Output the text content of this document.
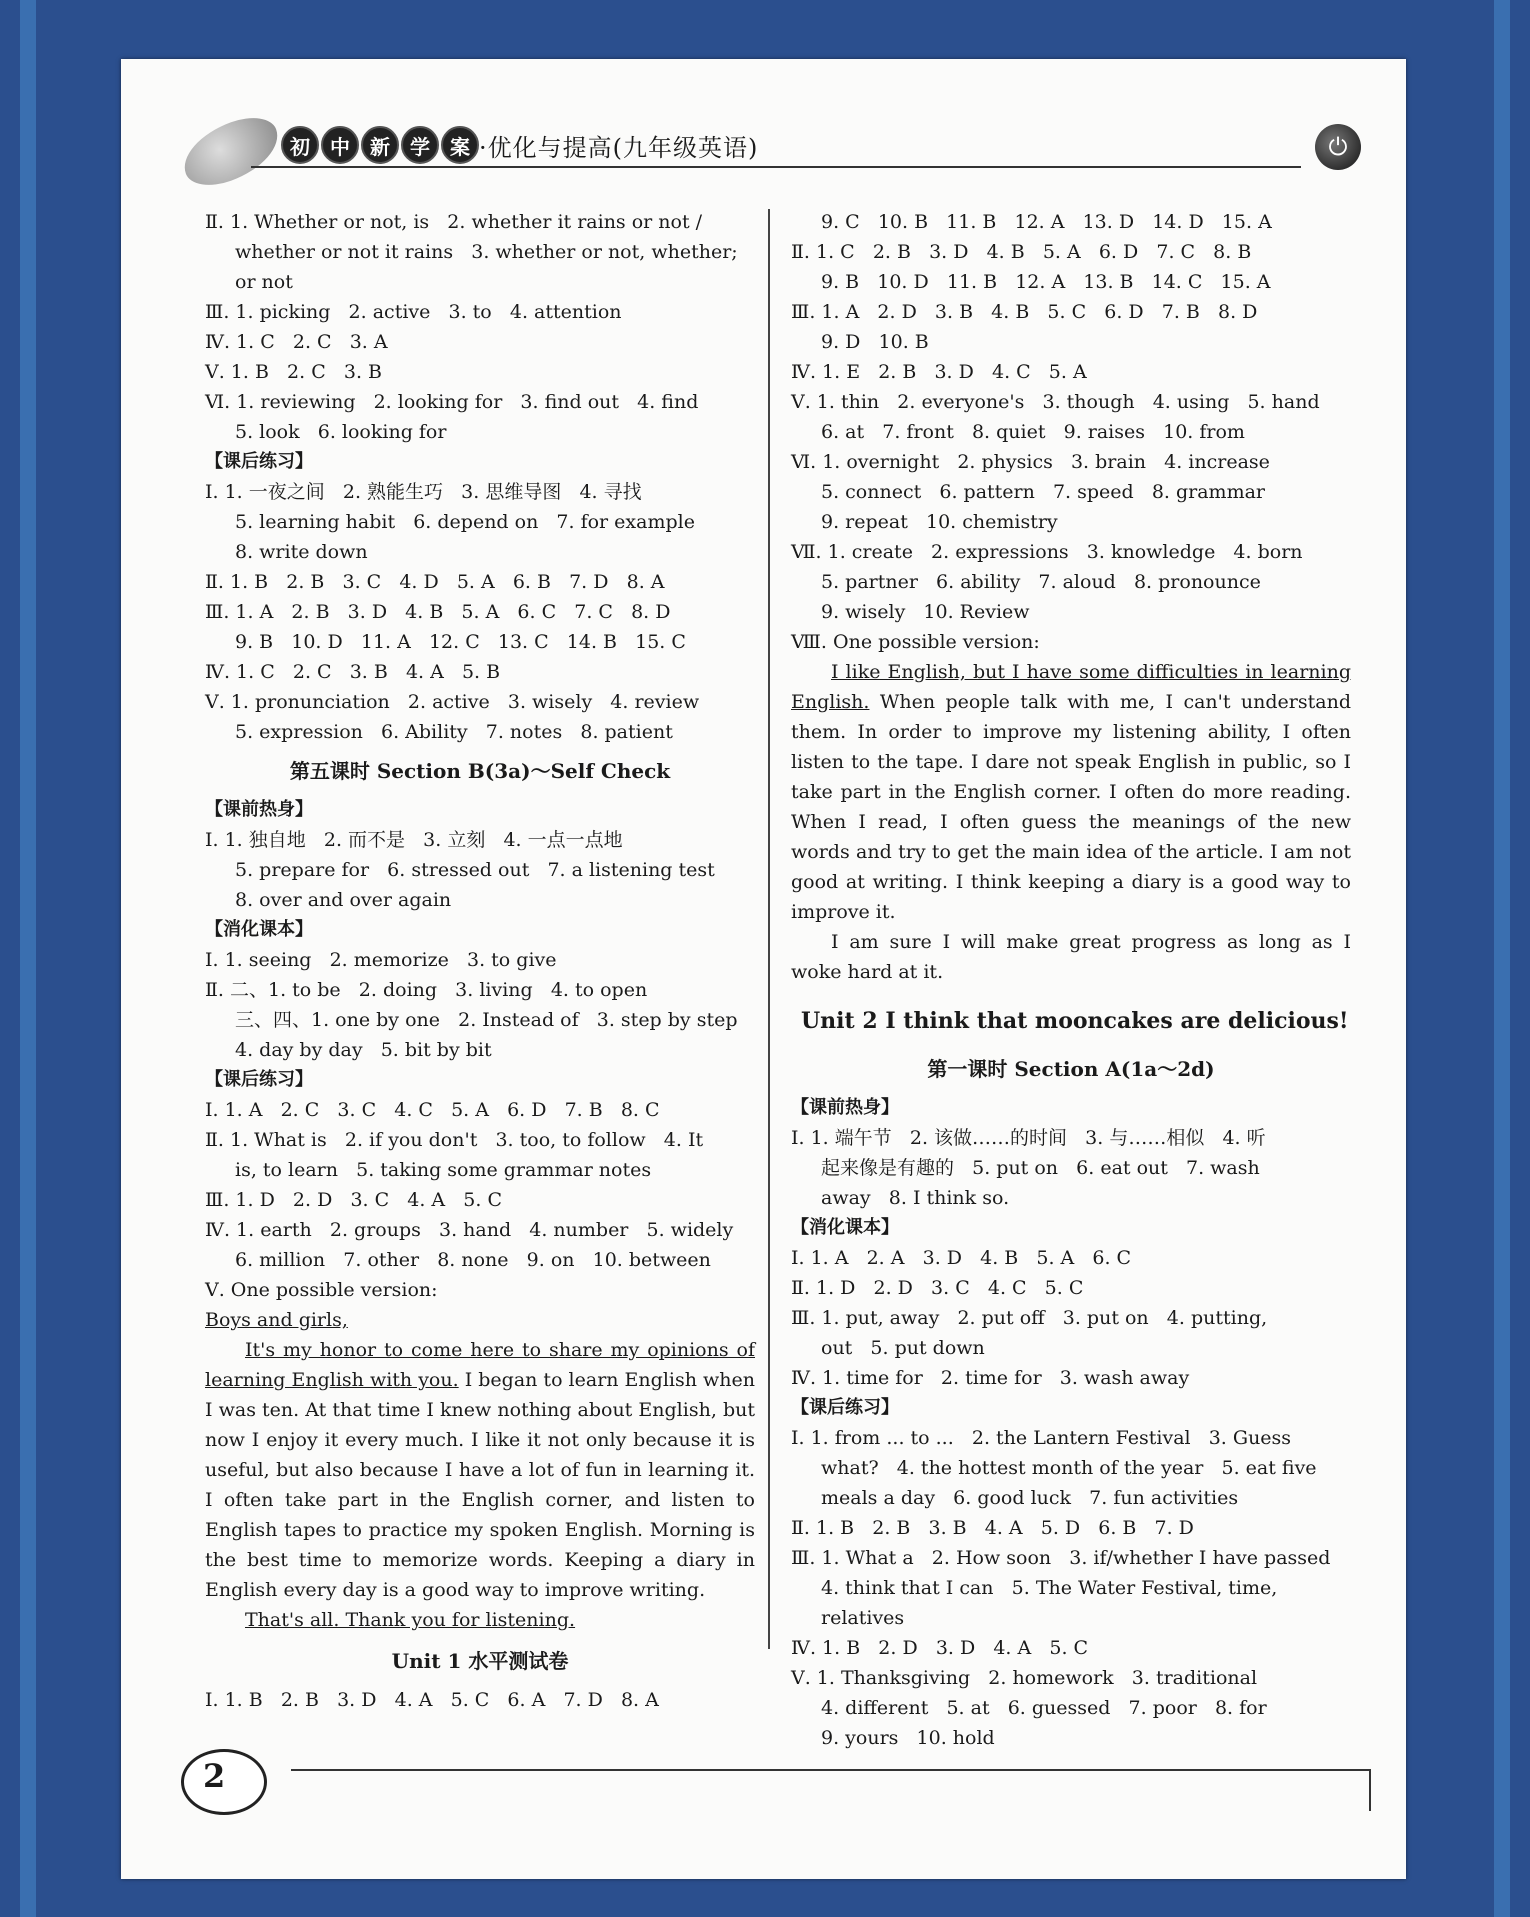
初	中	新	学	案 ·优化与提高(九年级英语)	⏻
Ⅱ. 1. Whether or not, is   2. whether it rains or not /
whether or not it rains   3. whether or not, whether;
or not
Ⅲ. 1. picking   2. active   3. to   4. attention
Ⅳ. 1. C   2. C   3. A
Ⅴ. 1. B   2. C   3. B
Ⅵ. 1. reviewing   2. looking for   3. find out   4. find
5. look   6. looking for
【课后练习】
Ⅰ. 1. 一夜之间   2. 熟能生巧   3. 思维导图   4. 寻找
5. learning habit   6. depend on   7. for example
8. write down
Ⅱ. 1. B   2. B   3. C   4. D   5. A   6. B   7. D   8. A
Ⅲ. 1. A   2. B   3. D   4. B   5. A   6. C   7. C   8. D
9. B   10. D   11. A   12. C   13. C   14. B   15. C
Ⅳ. 1. C   2. C   3. B   4. A   5. B
Ⅴ. 1. pronunciation   2. active   3. wisely   4. review
5. expression   6. Ability   7. notes   8. patient
第五课时 Section B(3a)～Self Check
【课前热身】
Ⅰ. 1. 独自地   2. 而不是   3. 立刻   4. 一点一点地
5. prepare for   6. stressed out   7. a listening test
8. over and over again
【消化课本】
Ⅰ. 1. seeing   2. memorize   3. to give
Ⅱ. 二、1. to be   2. doing   3. living   4. to open
三、四、1. one by one   2. Instead of   3. step by step
4. day by day   5. bit by bit
【课后练习】
Ⅰ. 1. A   2. C   3. C   4. C   5. A   6. D   7. B   8. C
Ⅱ. 1. What is   2. if you don't   3. too, to follow   4. It
is, to learn   5. taking some grammar notes
Ⅲ. 1. D   2. D   3. C   4. A   5. C
Ⅳ. 1. earth   2. groups   3. hand   4. number   5. widely
6. million   7. other   8. none   9. on   10. between
Ⅴ. One possible version:
Boys and girls,
It's my honor to come here to share my opinions of learning English with you. I began to learn English when I was ten. At that time I knew nothing about English, but now I enjoy it every much. I like it not only because it is useful, but also because I have a lot of fun in learning it. I often take part in the English corner, and listen to English tapes to practice my spoken English. Morning is the best time to memorize words. Keeping a diary in English every day is a good way to improve writing.
That's all. Thank you for listening.
Unit 1 水平测试卷
Ⅰ. 1. B   2. B   3. D   4. A   5. C   6. A   7. D   8. A
9. C   10. B   11. B   12. A   13. D   14. D   15. A
Ⅱ. 1. C   2. B   3. D   4. B   5. A   6. D   7. C   8. B
9. B   10. D   11. B   12. A   13. B   14. C   15. A
Ⅲ. 1. A   2. D   3. B   4. B   5. C   6. D   7. B   8. D
9. D   10. B
Ⅳ. 1. E   2. B   3. D   4. C   5. A
Ⅴ. 1. thin   2. everyone's   3. though   4. using   5. hand
6. at   7. front   8. quiet   9. raises   10. from
Ⅵ. 1. overnight   2. physics   3. brain   4. increase
5. connect   6. pattern   7. speed   8. grammar
9. repeat   10. chemistry
Ⅶ. 1. create   2. expressions   3. knowledge   4. born
5. partner   6. ability   7. aloud   8. pronounce
9. wisely   10. Review
Ⅷ. One possible version:
I like English, but I have some difficulties in learning English. When people talk with me, I can't understand them. In order to improve my listening ability, I often listen to the tape. I dare not speak English in public, so I take part in the English corner. I often do more reading. When I read, I often guess the meanings of the new words and try to get the main idea of the article. I am not good at writing. I think keeping a diary is a good way to improve it.
I am sure I will make great progress as long as I woke hard at it.
Unit 2 I think that mooncakes are delicious!
第一课时 Section A(1a～2d)
【课前热身】
Ⅰ. 1. 端午节   2. 该做……的时间   3. 与……相似   4. 听
起来像是有趣的   5. put on   6. eat out   7. wash
away   8. I think so.
【消化课本】
Ⅰ. 1. A   2. A   3. D   4. B   5. A   6. C
Ⅱ. 1. D   2. D   3. C   4. C   5. C
Ⅲ. 1. put, away   2. put off   3. put on   4. putting,
out   5. put down
Ⅳ. 1. time for   2. time for   3. wash away
【课后练习】
Ⅰ. 1. from ... to ...   2. the Lantern Festival   3. Guess
what?   4. the hottest month of the year   5. eat five
meals a day   6. good luck   7. fun activities
Ⅱ. 1. B   2. B   3. B   4. A   5. D   6. B   7. D
Ⅲ. 1. What a   2. How soon   3. if/whether I have passed
4. think that I can   5. The Water Festival, time,
relatives
Ⅳ. 1. B   2. D   3. D   4. A   5. C
Ⅴ. 1. Thanksgiving   2. homework   3. traditional
4. different   5. at   6. guessed   7. poor   8. for
9. yours   10. hold
2
